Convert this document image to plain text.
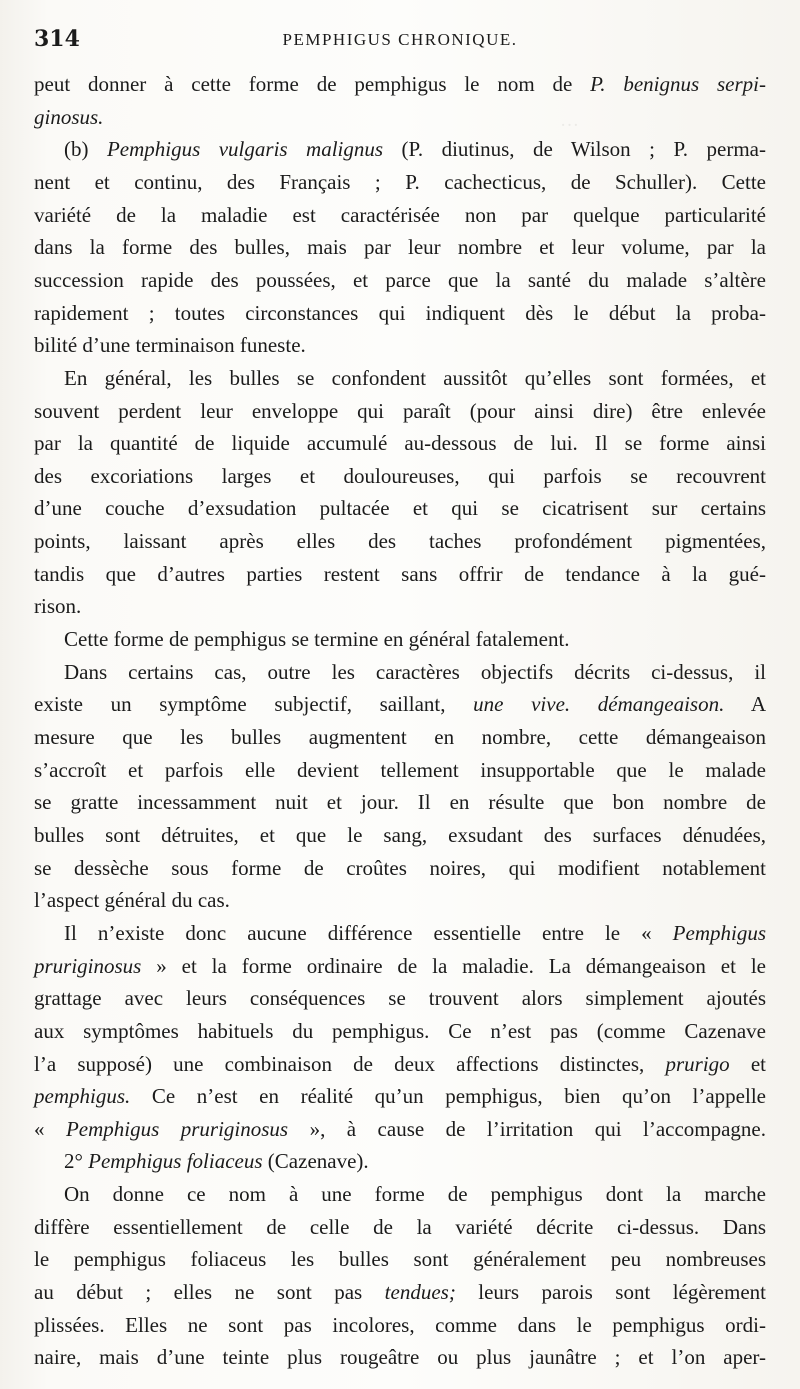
314	PEMPHIGUS CHRONIQUE.
…
peut donner à cette forme de pemphigus le nom de P. benignus serpi-
ginosus.
(b) Pemphigus vulgaris malignus (P. diutinus, de Wilson ; P. perma-
nent et continu, des Français ; P. cachecticus, de Schuller). Cette
variété de la maladie est caractérisée non par quelque particularité
dans la forme des bulles, mais par leur nombre et leur volume, par la
succession rapide des poussées, et parce que la santé du malade s’altère
rapidement ; toutes circonstances qui indiquent dès le début la proba-
bilité d’une terminaison funeste.
En général, les bulles se confondent aussitôt qu’elles sont formées, et
souvent perdent leur enveloppe qui paraît (pour ainsi dire) être enlevée
par la quantité de liquide accumulé au-dessous de lui. Il se forme ainsi
des excoriations larges et douloureuses, qui parfois se recouvrent
d’une couche d’exsudation pultacée et qui se cicatrisent sur certains
points, laissant après elles des taches profondément pigmentées,
tandis que d’autres parties restent sans offrir de tendance à la gué-
rison.
Cette forme de pemphigus se termine en général fatalement.
Dans certains cas, outre les caractères objectifs décrits ci-dessus, il
existe un symptôme subjectif, saillant, une vive. démangeaison. A
mesure que les bulles augmentent en nombre, cette démangeaison
s’accroît et parfois elle devient tellement insupportable que le malade
se gratte incessamment nuit et jour. Il en résulte que bon nombre de
bulles sont détruites, et que le sang, exsudant des surfaces dénudées,
se dessèche sous forme de croûtes noires, qui modifient notablement
l’aspect général du cas.
Il n’existe donc aucune différence essentielle entre le « Pemphigus
pruriginosus » et la forme ordinaire de la maladie. La démangeaison et le
grattage avec leurs conséquences se trouvent alors simplement ajoutés
aux symptômes habituels du pemphigus. Ce n’est pas (comme Cazenave
l’a supposé) une combinaison de deux affections distinctes, prurigo et
pemphigus. Ce n’est en réalité qu’un pemphigus, bien qu’on l’appelle
« Pemphigus pruriginosus », à cause de l’irritation qui l’accompagne.
2° Pemphigus foliaceus (Cazenave).
On donne ce nom à une forme de pemphigus dont la marche
diffère essentiellement de celle de la variété décrite ci-dessus. Dans
le pemphigus foliaceus les bulles sont généralement peu nombreuses
au début ; elles ne sont pas tendues; leurs parois sont légèrement
plissées. Elles ne sont pas incolores, comme dans le pemphigus ordi-
naire, mais d’une teinte plus rougeâtre ou plus jaunâtre ; et l’on aper-
